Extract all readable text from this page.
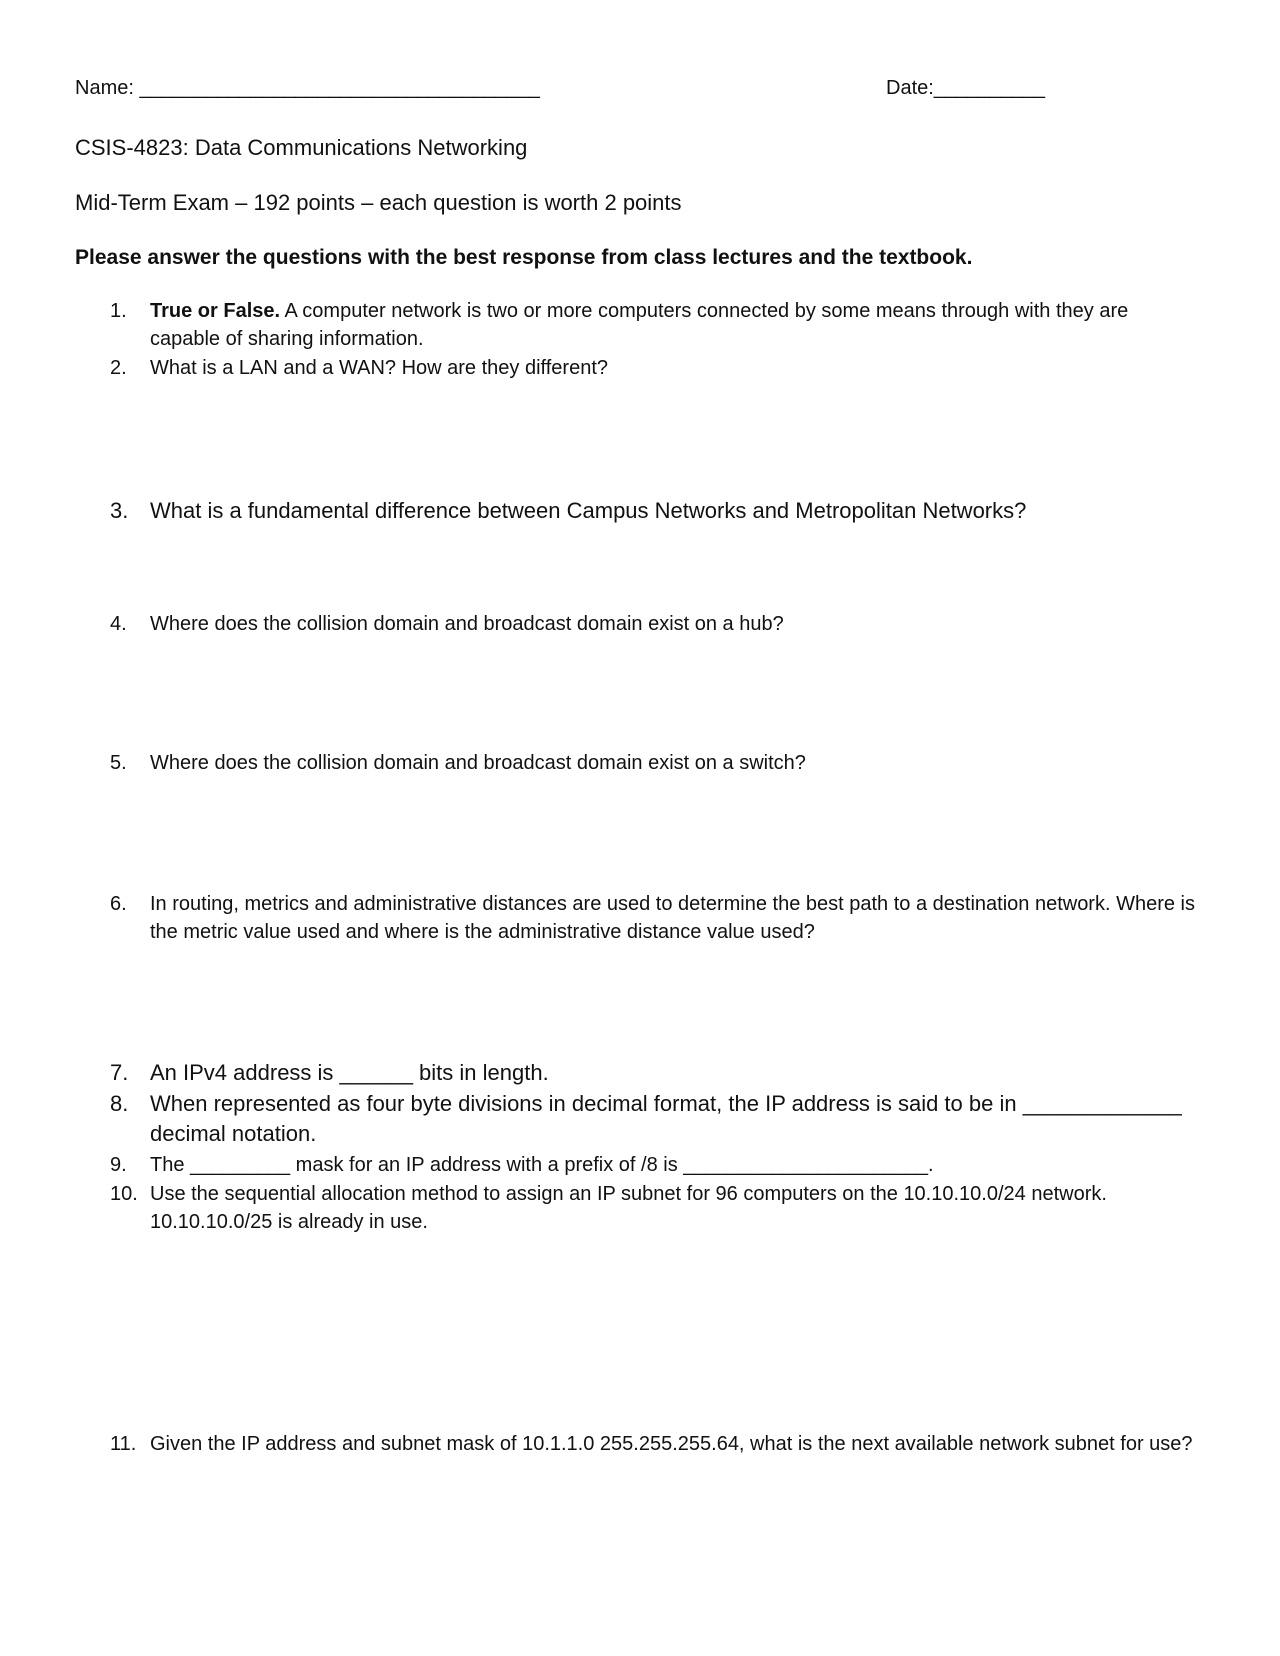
Name: ____________________________________	Date:__________
CSIS-4823: Data Communications Networking
Mid-Term Exam – 192 points – each question is worth 2 points
Please answer the questions with the best response from class lectures and the textbook.
1.	True or False. A computer network is two or more computers connected by some means through with they are capable of sharing information.
2.	What is a LAN and a WAN? How are they different?
3. What is a fundamental difference between Campus Networks and Metropolitan Networks?
4.	Where does the collision domain and broadcast domain exist on a hub?
5.	Where does the collision domain and broadcast domain exist on a switch?
6.	In routing, metrics and administrative distances are used to determine the best path to a destination network. Where is the metric value used and where is the administrative distance value used?
7. An IPv4 address is ______ bits in length.
8. When represented as four byte divisions in decimal format, the IP address is said to be in _____________ decimal notation.
9.	The _________ mask for an IP address with a prefix of /8 is ______________________.
10. Use the sequential allocation method to assign an IP subnet for 96 computers on the 10.10.10.0/24 network. 10.10.10.0/25 is already in use.
11. Given the IP address and subnet mask of 10.1.1.0 255.255.255.64, what is the next available network subnet for use?
